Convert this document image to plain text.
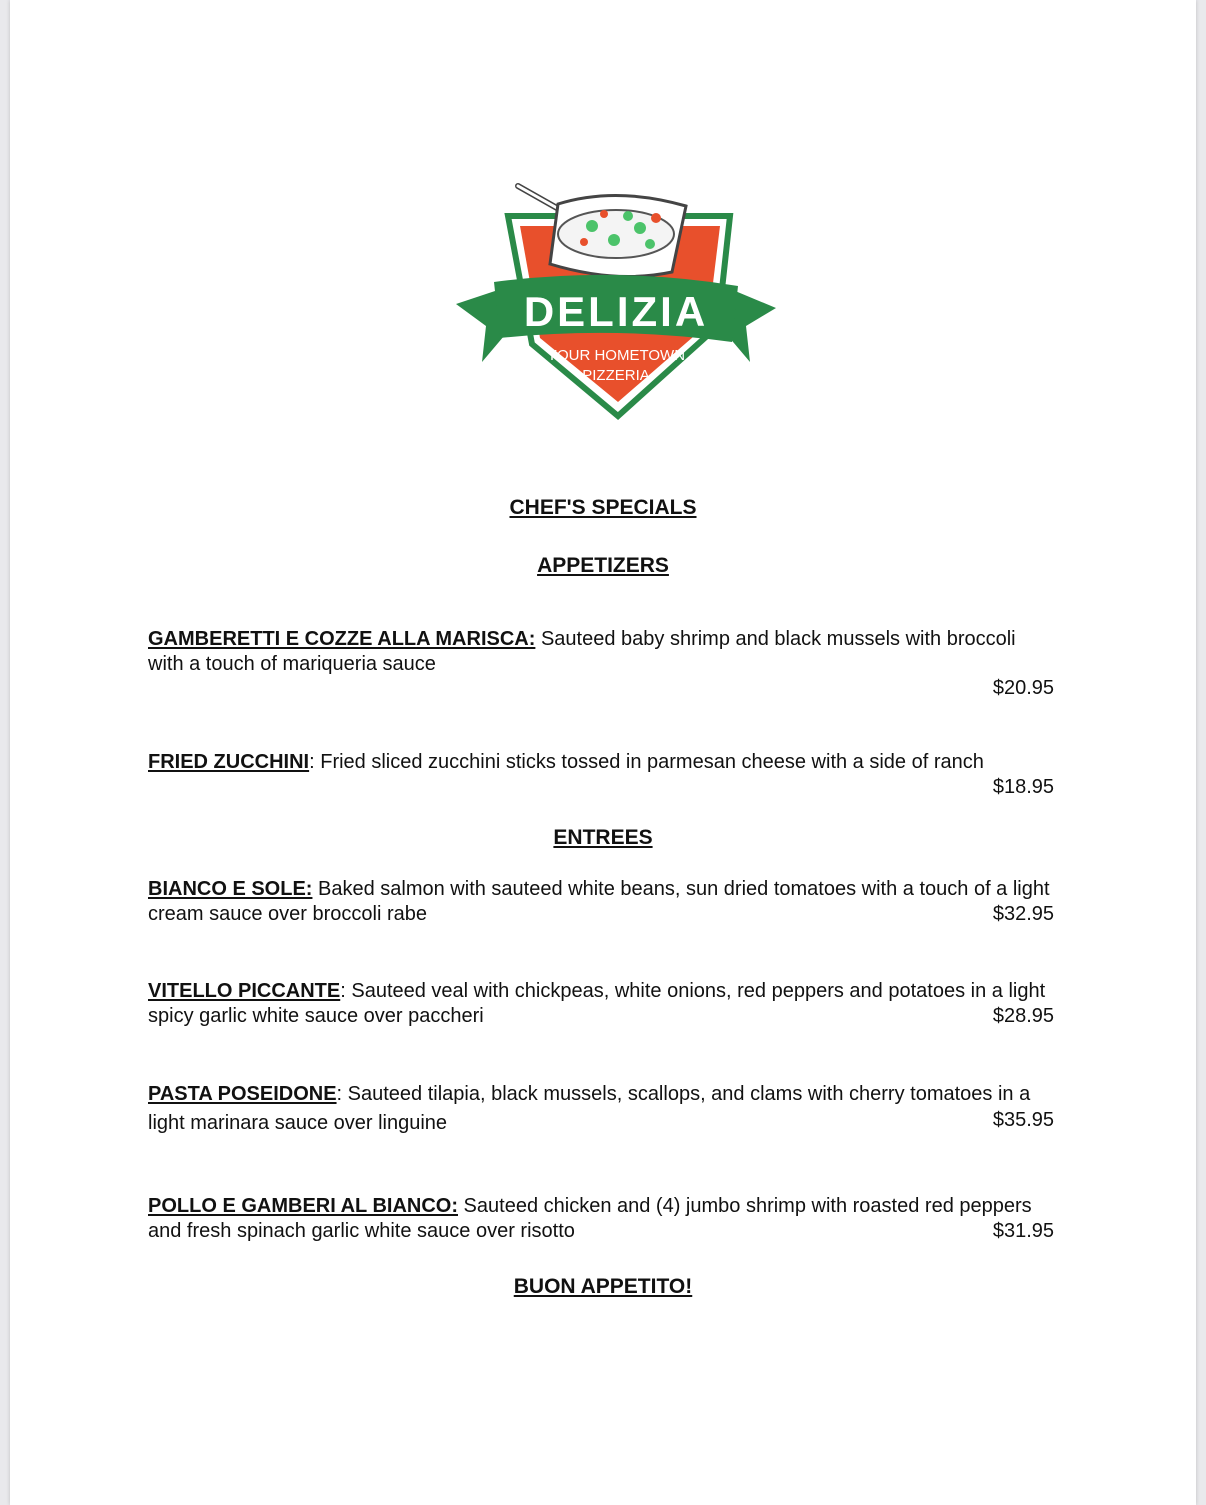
DELIZIA
YOUR HOMETOWN
PIZZERIA
CHEF'S SPECIALS
APPETIZERS
GAMBERETTI E COZZE ALLA MARISCA: Sauteed baby shrimp and black mussels with broccoli with a touch of mariqueria sauce
$20.95
FRIED ZUCCHINI: Fried sliced zucchini sticks tossed in parmesan cheese with a side of ranch
$18.95
ENTREES
BIANCO E SOLE: Baked salmon with sauteed white beans, sun dried tomatoes with a touch of a light cream sauce over broccoli rabe	$32.95
VITELLO PICCANTE: Sauteed veal with chickpeas, white onions, red peppers and potatoes in a light spicy garlic white sauce over paccheri	$28.95
PASTA POSEIDONE: Sauteed tilapia, black mussels, scallops, and clams with cherry tomatoes in a light marinara sauce over linguine	$35.95
POLLO E GAMBERI AL BIANCO: Sauteed chicken and (4) jumbo shrimp with roasted red peppers and fresh spinach garlic white sauce over risotto	$31.95
BUON APPETITO!
